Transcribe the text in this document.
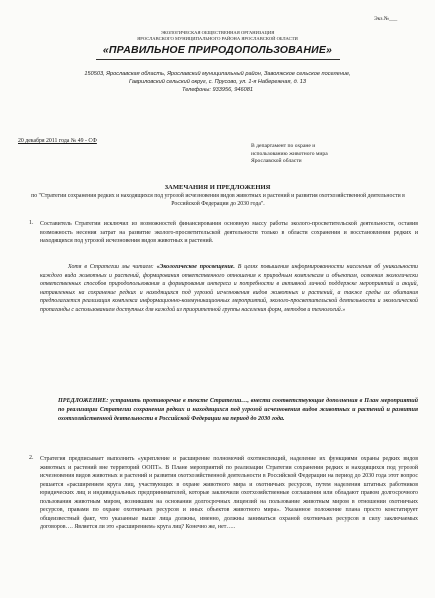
Экз.№___
ЭКОЛОГИЧЕСКАЯ ОБЩЕСТВЕННАЯ ОРГАНИЗАЦИЯ
ЯРОСЛАВСКОГО МУНИЦИПАЛЬНОГО РАЙОНА ЯРОСЛАВСКОЙ ОБЛАСТИ
«ПРАВИЛЬНОЕ ПРИРОДОПОЛЬЗОВАНИЕ»
150503, Ярославская область, Ярославский муниципальный район, Заволжское сельское поселение,
Гавриловский сельский округ, с. Прусово, ул. 1-я Набережная, д. 13
Телефоны: 933956, 946081
20 декабря 2011 года № 49 - СФ
В департамент по охране и
использованию животного мира
Ярославской области
ЗАМЕЧАНИЯ И ПРЕДЛОЖЕНИЯ
по "Стратегии сохранения редких и находящихся под угрозой исчезновения видов животных и растений и развития охотхозяйственной деятельности в Российской Федерации до 2030 года".
1. Составитель Стратегии исключил из возможностей финансирования основную массу работы эколого-просветительской деятельности, оставив возможность несения затрат на развитие эколого-просветительской деятельности только в области сохранения и восстановления редких и находящихся под угрозой исчезновения видов животных и растений.
Хотя в Стратегии мы читаем: «Экологическое просвещение. В целях повышения информированности населения об уникальности каждого вида животных и растений, формирования ответственного отношения к природным комплексам и объектам, освоения экологически ответственных способов природопользования и формирования интереса и потребности в активной личной поддержке мероприятий и акций, направленных на сохранение редких и находящихся под угрозой исчезновения видов животных и растений, а также среды их обитания предполагается реализация комплекса информационно-коммуникационных мероприятий, эколого-просветительской деятельности и экологической пропаганды с использованием доступных для каждой из приоритетной группы населения форм, методов и технологий.»
ПРЕДЛОЖЕНИЕ: устранить противоречие в тексте Стратегии…, внести соответствующие дополнения в План мероприятий по реализации Стратегии сохранения редких и находящихся под угрозой исчезновения видов животных и растений и развития охотхозяйственной деятельности в Российской Федерации на период до 2030 года.
2. Стратегия предписывает выполнить «укрепление и расширение полномочий охотинспекций, наделение их функциями охраны редких видов животных и растений вне территорий ООПТ». В Плане мероприятий по реализации Стратегии сохранения редких и находящихся под угрозой исчезновения видов животных и растений и развития охотхозяйственной деятельности в Российской Федерации на период до 2030 года этот вопрос решается «расширением круга лиц, участвующих в охране животного мира и охотничьих ресурсов, путем наделения штатных работников юридических лиц и индивидуальных предпринимателей, которые заключили охотхозяйственные соглашения или обладают правом долгосрочного пользования животным миром, возникшим на основании долгосрочных лицензий на пользование животным миром в отношении охотничьих ресурсов, правами по охране охотничьих ресурсов и иных объектов животного мира». Указанное положение плана просто констатирует общеизвестный факт, что указанные выше лица должны, именно, должны заниматься охраной охотничьих ресурсов в силу заключаемых договоров…. Является ли это «расширением» круга лиц? Конечно же, нет…..
